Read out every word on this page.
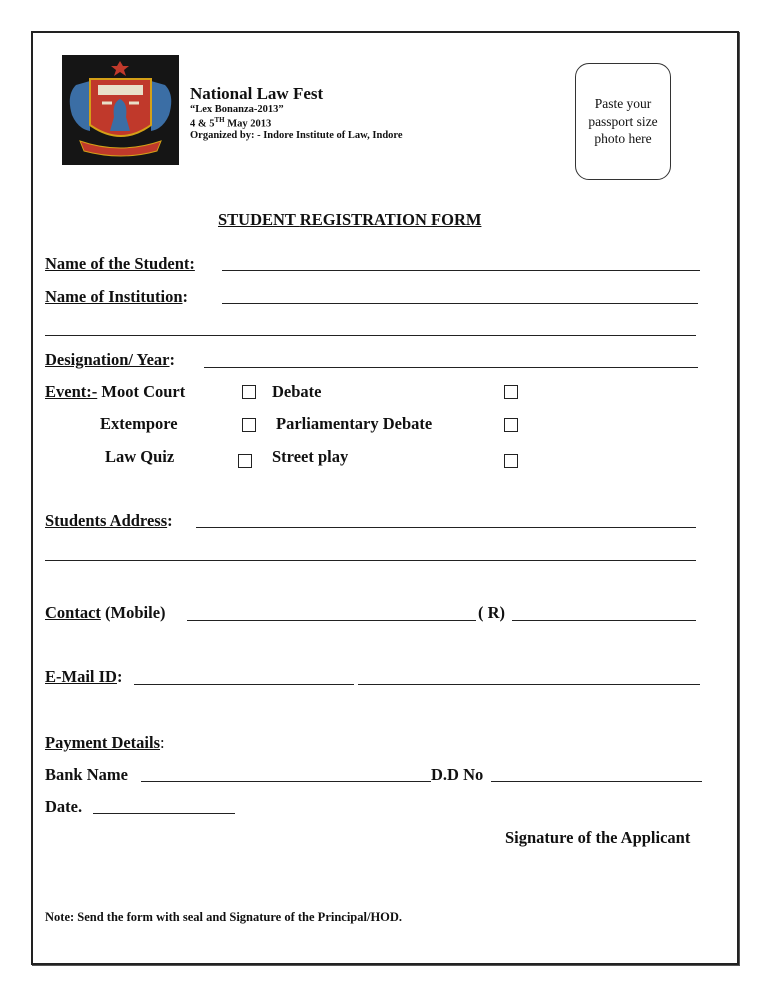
National Law Fest
“Lex Bonanza-2013”
4 & 5TH May 2013
Organized by: - Indore Institute of Law, Indore
Paste your passport size photo here
STUDENT REGISTRATION FORM
Name of the Student:
Name of Institution:
Designation/ Year:
Event:- Moot Court	Debate
Extempore	Parliamentary Debate
Law Quiz	Street play
Students Address:
Contact (Mobile)	( R)
E-Mail ID:
Payment Details:
Bank Name	D.D No
Date.
Signature of the Applicant
Note: Send the form with seal and Signature of the Principal/HOD.
